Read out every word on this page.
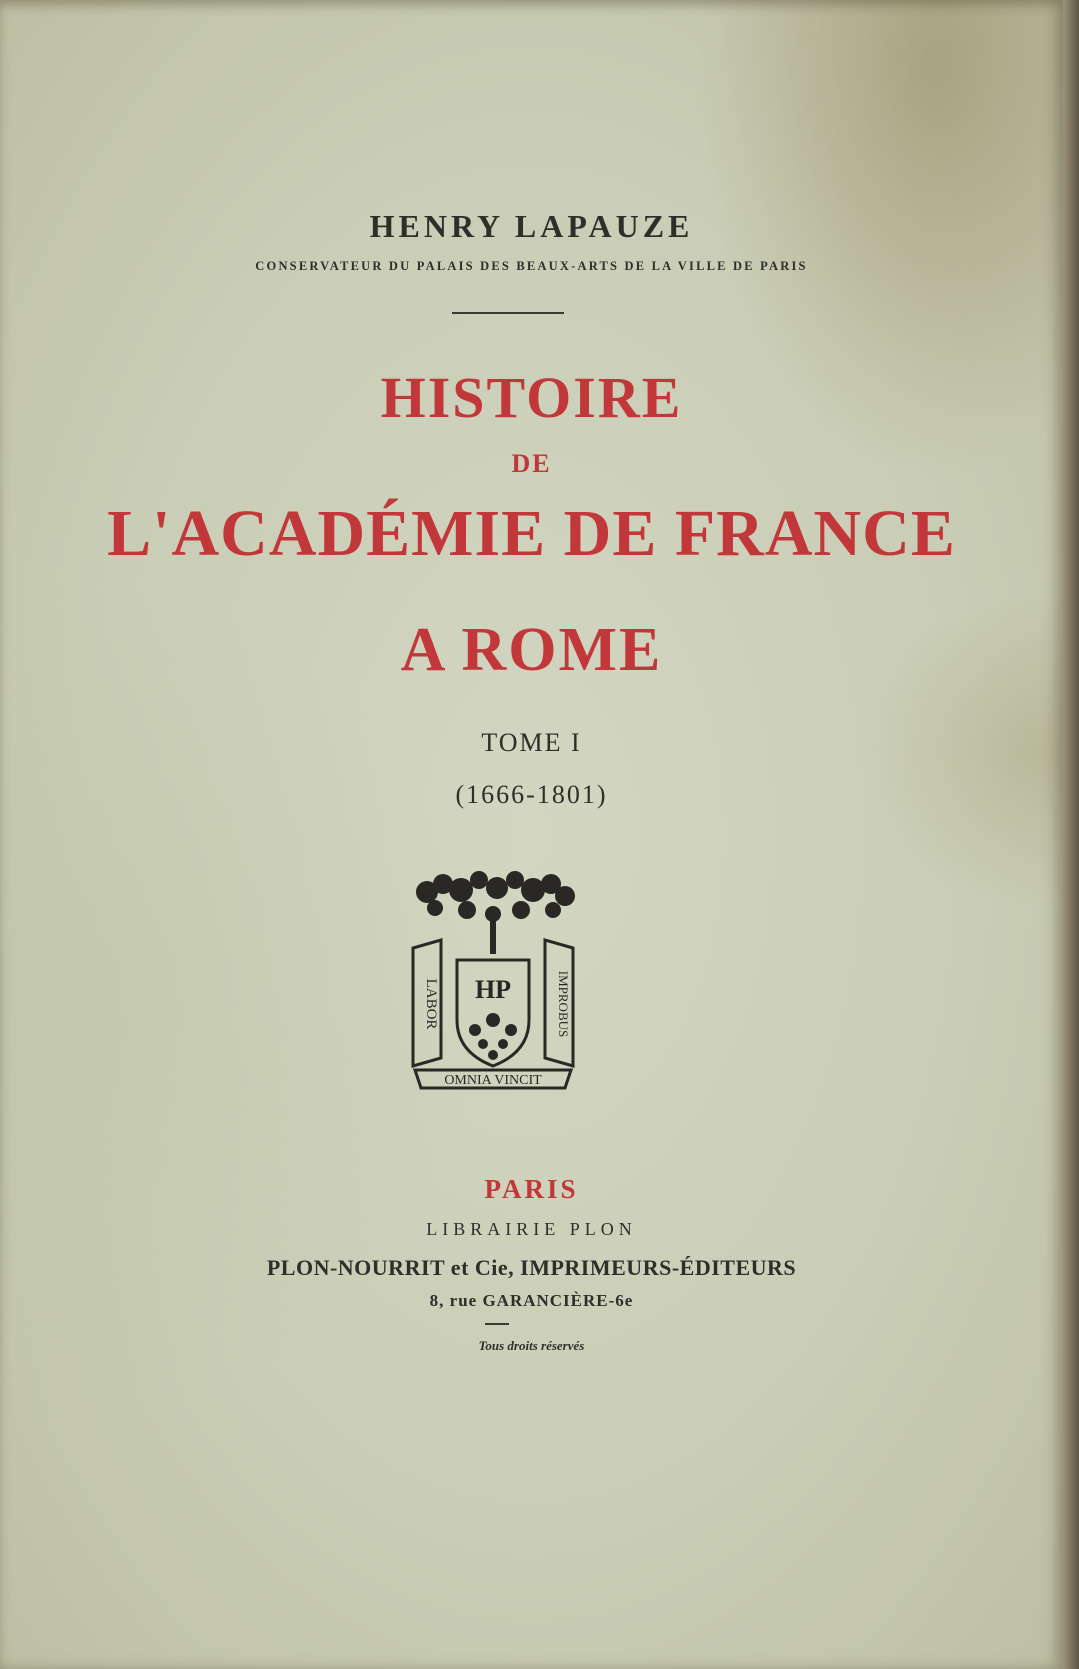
HENRY LAPAUZE
CONSERVATEUR DU PALAIS DES BEAUX-ARTS DE LA VILLE DE PARIS
HISTOIRE
DE
L'ACADÉMIE DE FRANCE
A ROME
TOME I
(1666-1801)
LABOR	IMPROBUS
OMNIA VINCIT
HP
PARIS
LIBRAIRIE PLON
PLON-NOURRIT et Cie, IMPRIMEURS-ÉDITEURS
8, rue GARANCIÈRE-6e
Tous droits réservés
